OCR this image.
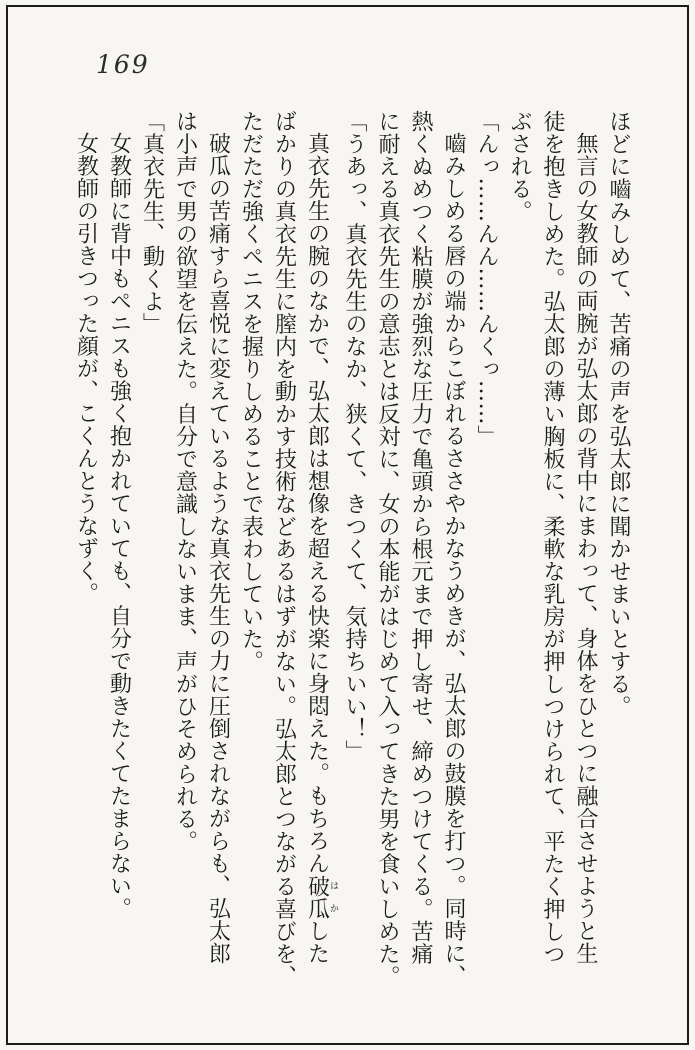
169
ほどに嚙みしめて、苦痛の声を弘太郎に聞かせまいとする。
無言の女教師の両腕が弘太郎の背中にまわって、身体をひとつに融合させようと生
徒を抱きしめた。弘太郎の薄い胸板に、柔軟な乳房が押しつけられて、平たく押しつ
ぶされる。
「んっ……んん……んくっ……」
嚙みしめる唇の端からこぼれるささやかなうめきが、弘太郎の鼓膜を打つ。同時に、
熱くぬめつく粘膜が強烈な圧力で亀頭から根元まで押し寄せ、締めつけてくる。苦痛
に耐える真衣先生の意志とは反対に、女の本能がはじめて入ってきた男を食いしめた。
「うあっ、真衣先生のなか、狭くて、きつくて、気持ちいい！」
真衣先生の腕のなかで、弘太郎は想像を超える快楽に身悶えた。もちろん破瓜はかした
ばかりの真衣先生に膣内を動かす技術などあるはずがない。弘太郎とつながる喜びを、
ただただ強くペニスを握りしめることで表わしていた。
破瓜の苦痛すら喜悦に変えているような真衣先生の力に圧倒されながらも、弘太郎
は小声で男の欲望を伝えた。自分で意識しないまま、声がひそめられる。
「真衣先生、動くよ」
女教師に背中もペニスも強く抱かれていても、自分で動きたくてたまらない。
女教師の引きつった顔が、こくんとうなずく。
